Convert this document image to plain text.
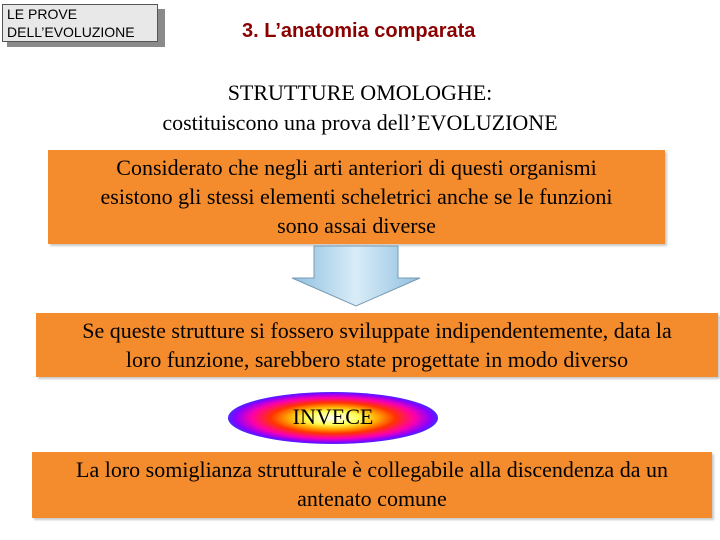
LE PROVE
DELL’EVOLUZIONE	3. L’anatomia comparata
STRUTTURE OMOLOGHE:
costituiscono una prova dell’EVOLUZIONE
Considerato che negli arti anteriori di questi organismi
esistono gli stessi elementi scheletrici anche se le funzioni
sono assai diverse
Se queste strutture si fossero sviluppate indipendentemente, data la
loro funzione, sarebbero state progettate in modo diverso
INVECE
La loro somiglianza strutturale è collegabile alla discendenza da un
antenato comune
